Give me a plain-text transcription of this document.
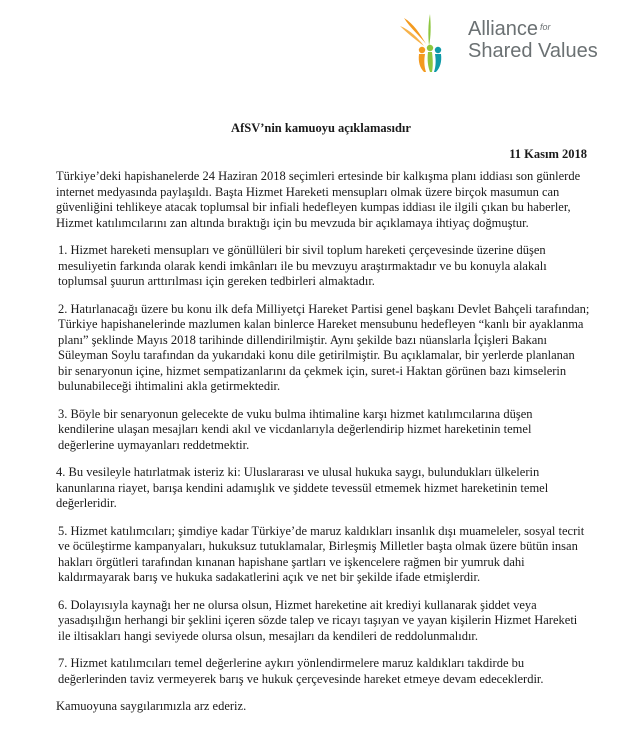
Alliance $^{for}$
Shared Values
AfSV’nin kamuoyu açıklamasıdır
11 Kasım 2018

Türkiye’deki hapishanelerde 24 Haziran 2018 seçimleri ertesinde bir kalkışma planı iddiası son günlerde internet medyasında paylaşıldı. Başta Hizmet Hareketi mensupları olmak üzere birçok masumun can güvenliğini tehlikeye atacak toplumsal bir infiali hedefleyen kumpas iddiası ile ilgili çıkan bu haberler, Hizmet katılımcılarını zan altında bıraktığı için bu mevzuda bir açıklamaya ihtiyaç doğmuştur.

1. Hizmet hareketi mensupları ve gönüllüleri bir sivil toplum hareketi çerçevesinde üzerine düşen mesuliyetin farkında olarak kendi imkânları ile bu mevzuyu araştırmaktadır ve bu konuyla alakalı toplumsal şuurun arttırılması için gereken tedbirleri almaktadır.

2. Hatırlanacağı üzere bu konu ilk defa Milliyetçi Hareket Partisi genel başkanı Devlet Bahçeli tarafından; Türkiye hapishanelerinde mazlumen kalan binlerce Hareket mensubunu hedefleyen “kanlı bir ayaklanma planı” şeklinde Mayıs 2018 tarihinde dillendirilmiştir. Aynı şekilde bazı nüanslarla İçişleri Bakanı Süleyman Soylu tarafından da yukarıdaki konu dile getirilmiştir. Bu açıklamalar, bir yerlerde planlanan bir senaryonun içine, hizmet sempatizanlarını da çekmek için, suret-i Haktan görünen bazı kimselerin bulunabileceği ihtimalini akla getirmektedir.

3. Böyle bir senaryonun gelecekte de vuku bulma ihtimaline karşı hizmet katılımcılarına düşen kendilerine ulaşan mesajları kendi akıl ve vicdanlarıyla değerlendirip hizmet hareketinin temel değerlerine uymayanları reddetmektir.

4. Bu vesileyle hatırlatmak isteriz ki: Uluslararası ve ulusal hukuka saygı, bulundukları ülkelerin kanunlarına riayet, barışa kendini adamışlık ve şiddete tevessül etmemek hizmet hareketinin temel değerleridir.

5. Hizmet katılımcıları; şimdiye kadar Türkiye’de maruz kaldıkları insanlık dışı muameleler, sosyal tecrit ve öcüleştirme kampanyaları, hukuksuz tutuklamalar, Birleşmiş Milletler başta olmak üzere bütün insan hakları örgütleri tarafından kınanan hapishane şartları ve işkencelere rağmen bir yumruk dahi kaldırmayarak barış ve hukuka sadakatlerini açık ve net bir şekilde ifade etmişlerdir.

6. Dolayısıyla kaynağı her ne olursa olsun, Hizmet hareketine ait krediyi kullanarak şiddet veya yasadışılığın herhangi bir şeklini içeren sözde talep ve ricayı taşıyan ve yayan kişilerin Hizmet Hareketi ile iltisakları hangi seviyede olursa olsun, mesajları da kendileri de reddolunmalıdır.

7. Hizmet katılımcıları temel değerlerine aykırı yönlendirmelere maruz kaldıkları takdirde bu değerlerinden taviz vermeyerek barış ve hukuk çerçevesinde hareket etmeye devam edeceklerdir.

Kamuoyuna saygılarımızla arz ederiz.
